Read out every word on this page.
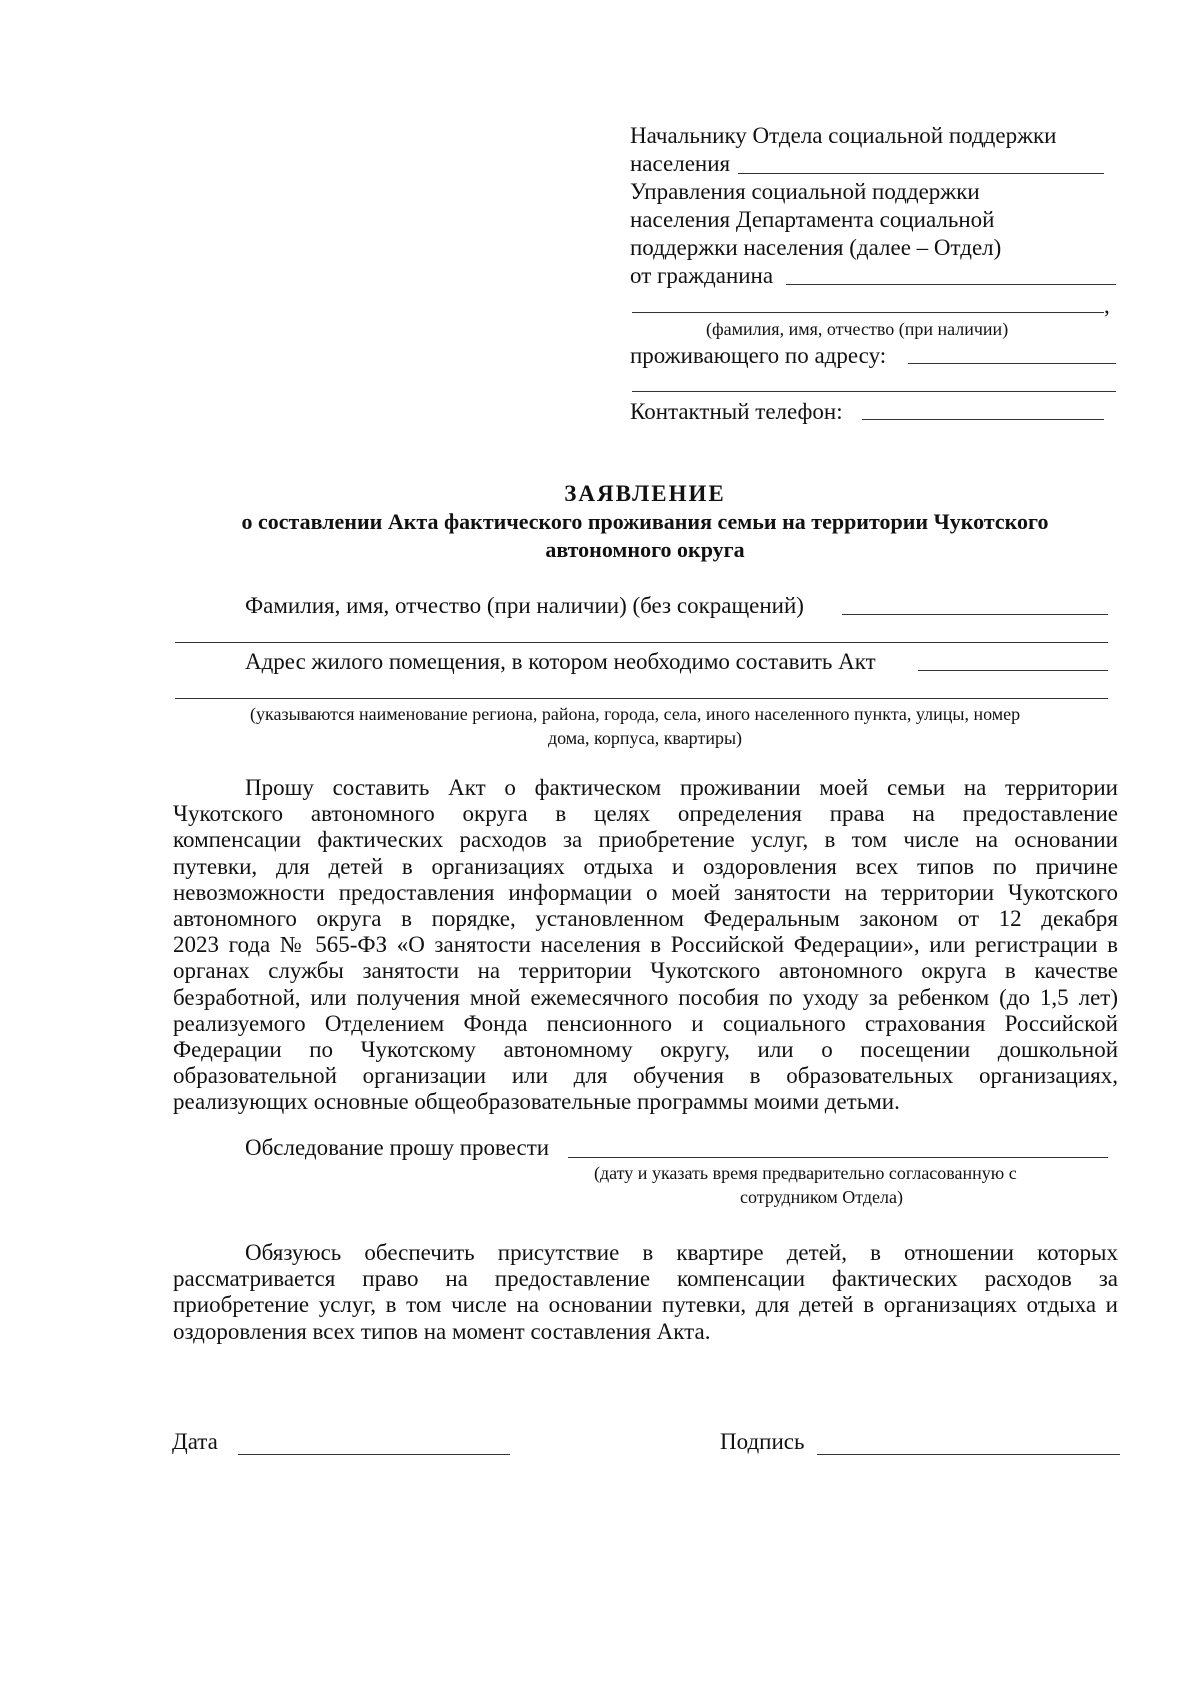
Начальнику Отдела социальной поддержки
населения
Управления социальной поддержки
населения Департамента социальной
поддержки населения (далее – Отдел)
от гражданина
,
(фамилия, имя, отчество (при наличии)
проживающего по адресу:
Контактный телефон:
ЗАЯВЛЕНИЕ
о составлении Акта фактического проживания семьи на территории Чукотского
автономного округа
Фамилия, имя, отчество (при наличии) (без сокращений)
Адрес жилого помещения, в котором необходимо составить Акт
(указываются наименование региона, района, города, села, иного населенного пункта, улицы, номер
дома, корпуса, квартиры)
Прошу составить Акт о фактическом проживании моей семьи на территории
Чукотского автономного округа в целях определения права на предоставление
компенсации фактических расходов за приобретение услуг, в том числе на основании
путевки, для детей в организациях отдыха и оздоровления всех типов по причине
невозможности предоставления информации о моей занятости на территории Чукотского
автономного округа в порядке, установленном Федеральным законом от 12 декабря
2023 года № 565-ФЗ «О занятости населения в Российской Федерации», или регистрации в
органах службы занятости на территории Чукотского автономного округа в качестве
безработной, или получения мной ежемесячного пособия по уходу за ребенком (до 1,5 лет)
реализуемого Отделением Фонда пенсионного и социального страхования Российской
Федерации по Чукотскому автономному округу, или о посещении дошкольной
образовательной организации или для обучения в образовательных организациях,
реализующих основные общеобразовательные программы моими детьми.
Обследование прошу провести
(дату и указать время предварительно согласованную с
сотрудником Отдела)
Обязуюсь обеспечить присутствие в квартире детей, в отношении которых
рассматривается право на предоставление компенсации фактических расходов за
приобретение услуг, в том числе на основании путевки, для детей в организациях отдыха и
оздоровления всех типов на момент составления Акта.
Дата	Подпись
